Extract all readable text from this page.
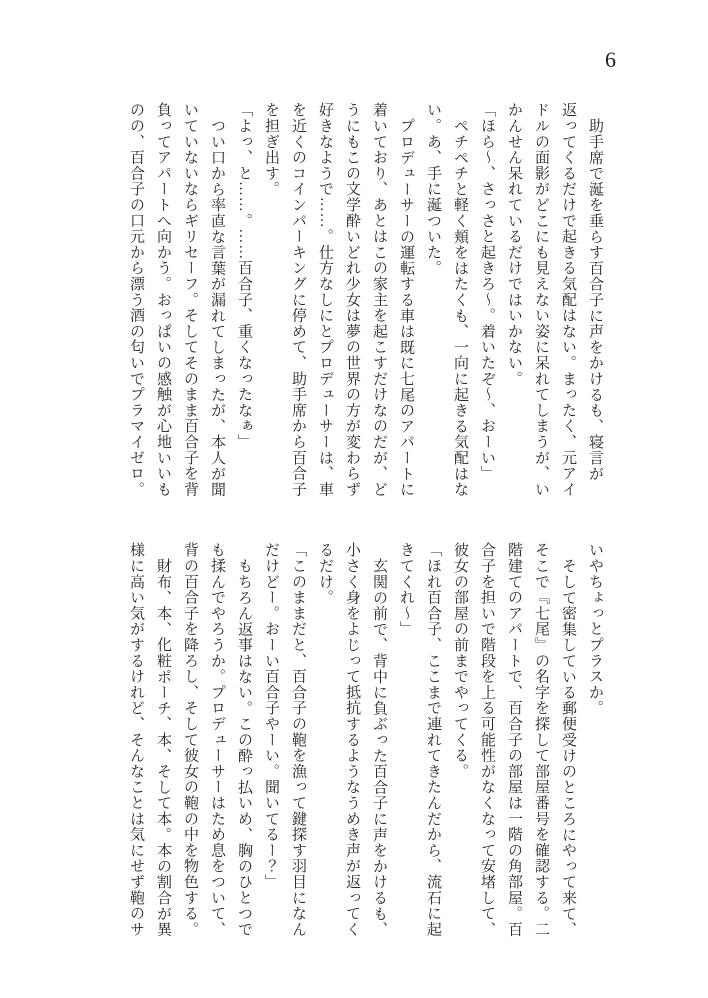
6

助手席で涎を垂らす百合子に声をかけるも、寝言が返ってくるだけで起きる気配はない。まったく、元アイドルの面影がどこにも見えない姿に呆れてしまうが、いかんせん呆れているだけではいかない。

「ほら〜、さっさと起きろ〜。着いたぞ〜、おーい」

ペチペチと軽く頬をはたくも、一向に起きる気配はない。あ、手に涎ついた。

プロデューサーの運転する車は既に七尾のアパートに着いており、あとはこの家主を起こすだけなのだが、どうにもこの文学酔いどれ少女は夢の世界の方が変わらず好きなようで……。仕方なしにとプロデューサーは、車を近くのコインパーキングに停めて、助手席から百合子を担ぎ出す。

「よっ、と……。……百合子、重くなったなぁ」

つい口から率直な言葉が漏れてしまったが、本人が聞いていないならギリセーフ。そしてそのまま百合子を背負ってアパートへ向かう。おっぱいの感触が心地いいものの、百合子の口元から漂う酒の匂いでプラマイゼロ。

いやちょっとプラスか。

そして密集している郵便受けのところにやって来て、そこで『七尾』の名字を探して部屋番号を確認する。二階建てのアパートで、百合子の部屋は一階の角部屋。百合子を担いで階段を上る可能性がなくなって安堵して、彼女の部屋の前までやってくる。

「ほれ百合子、ここまで連れてきたんだから、流石に起きてくれ〜」

玄関の前で、背中に負ぶった百合子に声をかけるも、小さく身をよじって抵抗するようなうめき声が返ってくるだけ。

「このままだと、百合子の鞄を漁って鍵探す羽目になんだけどー。おーい百合子やーい。聞いてるー？」

もちろん返事はない。この酔っ払いめ、胸のひとつでも揉んでやろうか。プロデューサーはため息をついて、背の百合子を降ろし、そして彼女の鞄の中を物色する。

財布、本、化粧ポーチ、本、そして本。本の割合が異様に高い気がするけれど、そんなことは気にせず鞄のサ
